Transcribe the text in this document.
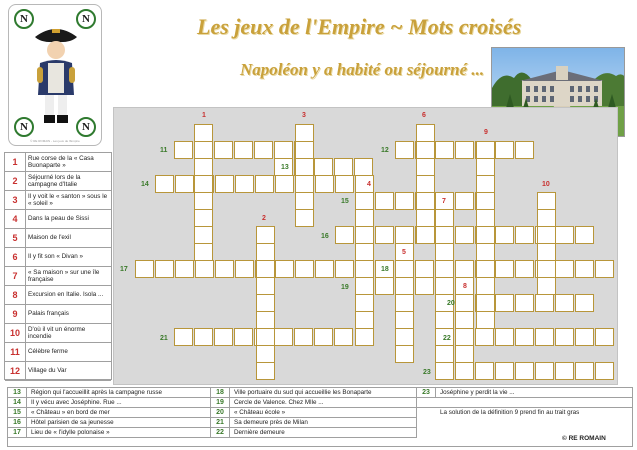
N	N
N	N
© RE ROMAIN - Les jeux de l'Empire
Les jeux de l'Empire ~ Mots croisés
Napoléon y a habité ou séjourné ...
1
2
3
4
5
6
7
8
9
10
11	12
13
14
15
16
17	18
19
20
21	22
23
1	Rue corse de la « Casa Buonaparte »
2	Séjourné lors de la campagne d'Italie
3	Il y voit le « santon » sous le « soleil »
4	Dans la peau de Sissi
5	Maison de l'exil
6	Il y fit son « Divan »
7	« Sa maison » sur une île française
8	Excursion en Italie. Isola ...
9	Palais français
10	D'où il vit un énorme incendie
11	Célèbre ferme
12	Village du Var
13	Région qui l'accueillit après la campagne russe
14	Il y vécu avec Joséphine. Rue ...
15	« Château » en bord de mer
16	Hôtel parisien de sa jeunesse
17	Lieu de « l'idylle polonaise »
18	Ville portuaire du sud qui accueillie les Bonaparte
19	Cercle de Valence. Chez Mlle ...
20	« Château école »
21	Sa demeure près de Milan
22	Dernière demeure
23	Joséphine y perdit la vie ...
La solution de la définition 9 prend fin au trait gras
© RE ROMAIN
